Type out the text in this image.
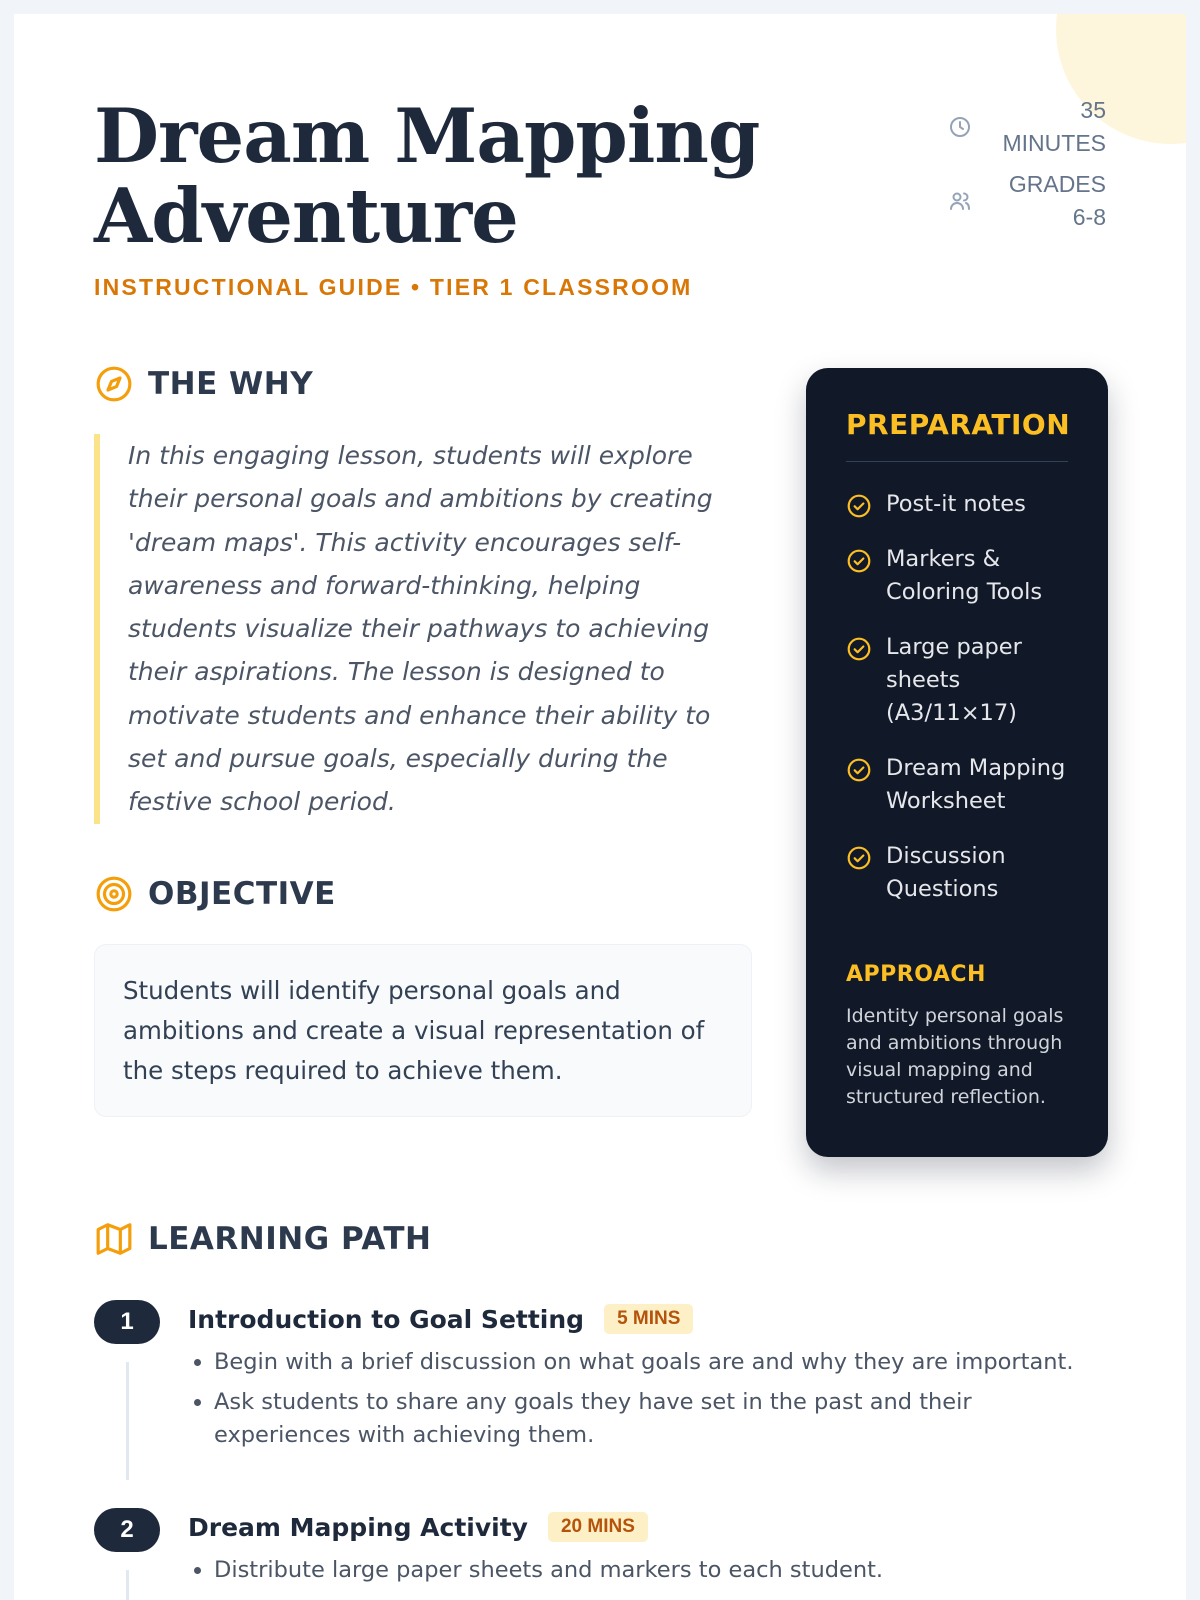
Dream Mapping Adventure
INSTRUCTIONAL GUIDE • TIER 1 CLASSROOM
35 MINUTES
GRADES 6-8
THE WHY
In this engaging lesson, students will explore their personal goals and ambitions by creating 'dream maps'. This activity encourages self-awareness and forward-thinking, helping students visualize their pathways to achieving their aspirations. The lesson is designed to motivate students and enhance their ability to set and pursue goals, especially during the festive school period.
OBJECTIVE
Students will identify personal goals and ambitions and create a visual representation of the steps required to achieve them.
PREPARATION
Post-it notes
Markers & Coloring Tools
Large paper sheets (A3/11×17)
Dream Mapping Worksheet
Discussion Questions
APPROACH

Identity personal goals and ambitions through visual mapping and structured reflection.

LEARNING PATH
1	Introduction to Goal Setting	5 MINS
• Begin with a brief discussion on what goals are and why they are important.
• Ask students to share any goals they have set in the past and their experiences with achieving them.
2	Dream Mapping Activity	20 MINS
• Distribute large paper sheets and markers to each student.
